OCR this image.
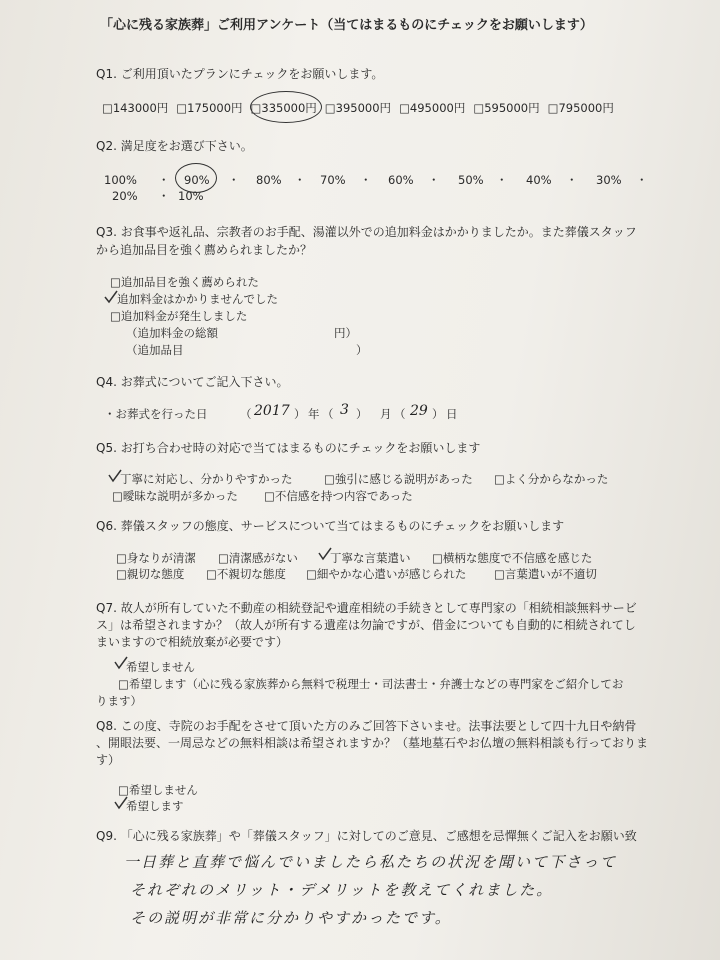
「心に残る家族葬」ご利用アンケート（当てはまるものにチェックをお願いします）
Q1. ご利用頂いたプランにチェックをお願いします。
□143000円 □175000円 □335000円 □395000円 □495000円 □595000円 □795000円
Q2. 満足度をお選び下さい。
100% ・ 90% ・ 80% ・ 70% ・ 60% ・ 50% ・ 40% ・ 30% ・
20% ・ 10%
Q3. お食事や返礼品、宗教者のお手配、湯灌以外での追加料金はかかりましたか。また葬儀スタッフ
から追加品目を強く薦められましたか？
□追加品目を強く薦められた
追加料金はかかりませんでした
□追加料金が発生しました
（追加料金の総額	円）
（追加品目	）
Q4. お葬式についてご記入下さい。
・お葬式を行った日	（ 2017 ） 年 （ 3 ） 月 （ 29 ） 日
Q5. お打ち合わせ時の対応で当てはまるものにチェックをお願いします
丁寧に対応し、分かりやすかった	□強引に感じる説明があった □よく分からなかった
□曖昧な説明が多かった □不信感を持つ内容であった
Q6. 葬儀スタッフの態度、サービスについて当てはまるものにチェックをお願いします
□身なりが清潔 □清潔感がない	丁寧な言葉遣い □横柄な態度で不信感を感じた
□親切な態度 □不親切な態度 □細やかな心遣いが感じられた □言葉遣いが不適切
Q7. 故人が所有していた不動産の相続登記や遺産相続の手続きとして専門家の「相続相談無料サービ
ス」は希望されますか？（故人が所有する遺産は勿論ですが、借金についても自動的に相続されてし
まいますので相続放棄が必要です）
希望しません
□希望します（心に残る家族葬から無料で税理士・司法書士・弁護士などの専門家をご紹介してお
ります）
Q8. この度、寺院のお手配をさせて頂いた方のみご回答下さいませ。法事法要として四十九日や納骨
、開眼法要、一周忌などの無料相談は希望されますか？（墓地墓石やお仏壇の無料相談も行っておりま
す）
□希望しません
希望します
Q9. 「心に残る家族葬」や「葬儀スタッフ」に対してのご意見、ご感想を忌憚無くご記入をお願い致
一日葬と直葬で悩んでいましたら私たちの状況を聞いて下さって
それぞれのメリット・デメリットを教えてくれました。
その説明が非常に分かりやすかったです。
